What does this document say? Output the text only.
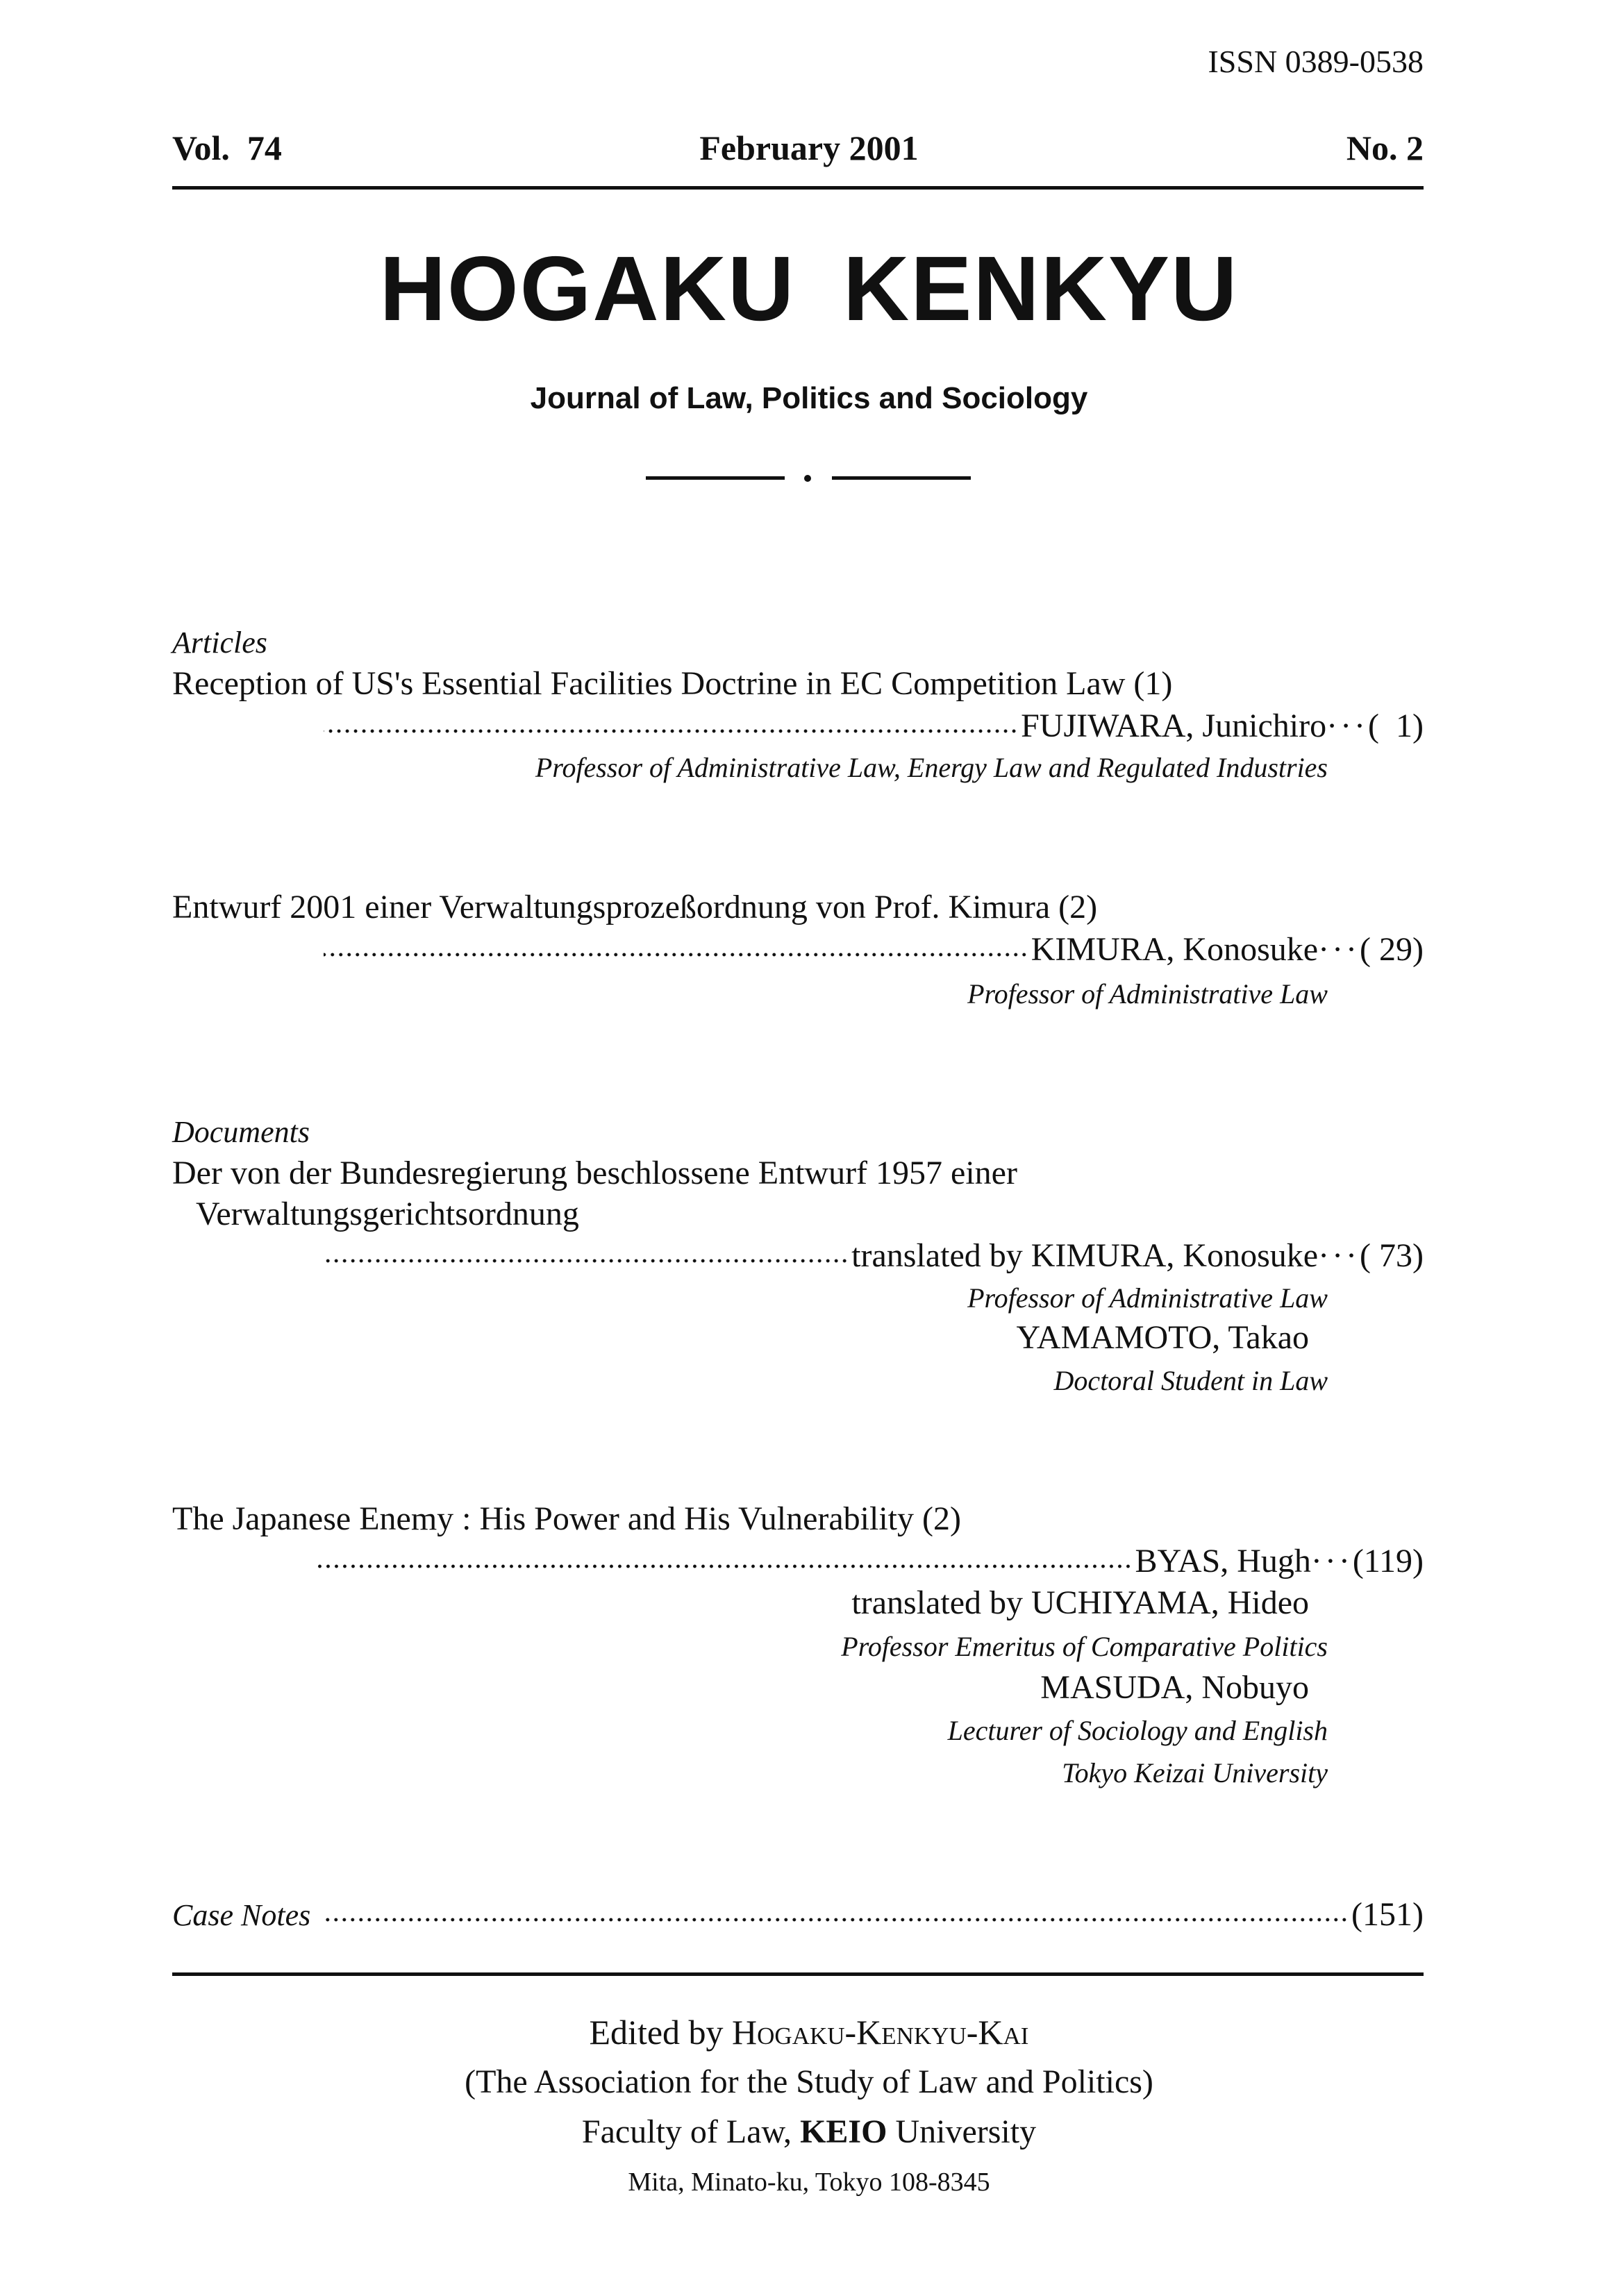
ISSN 0389-0538
Vol.  74	February 2001	No. 2
HOGAKU KENKYU
Journal of Law, Politics and Sociology
Articles
Reception of US's Essential Facilities Doctrine in EC Competition Law (1)
FUJIWARA, Junichiro ··· (  1)
Professor of Administrative Law, Energy Law and Regulated Industries
Entwurf 2001 einer Verwaltungsprozeßordnung von Prof. Kimura (2)
KIMURA, Konosuke ··· ( 29)
Professor of Administrative Law
Documents
Der von der Bundesregierung beschlossene Entwurf 1957 einer
Verwaltungsgerichtsordnung
translated by KIMURA, Konosuke ··· ( 73)
Professor of Administrative Law
YAMAMOTO, Takao
Doctoral Student in Law
The Japanese Enemy : His Power and His Vulnerability (2)
BYAS, Hugh ··· (119)
translated by UCHIYAMA, Hideo
Professor Emeritus of Comparative Politics
MASUDA, Nobuyo
Lecturer of Sociology and English
Tokyo Keizai University
Case Notes	(151)
Edited by Hogaku-Kenkyu-Kai
(The Association for the Study of Law and Politics)
Faculty of Law, KEIO University
Mita, Minato-ku, Tokyo 108-8345
